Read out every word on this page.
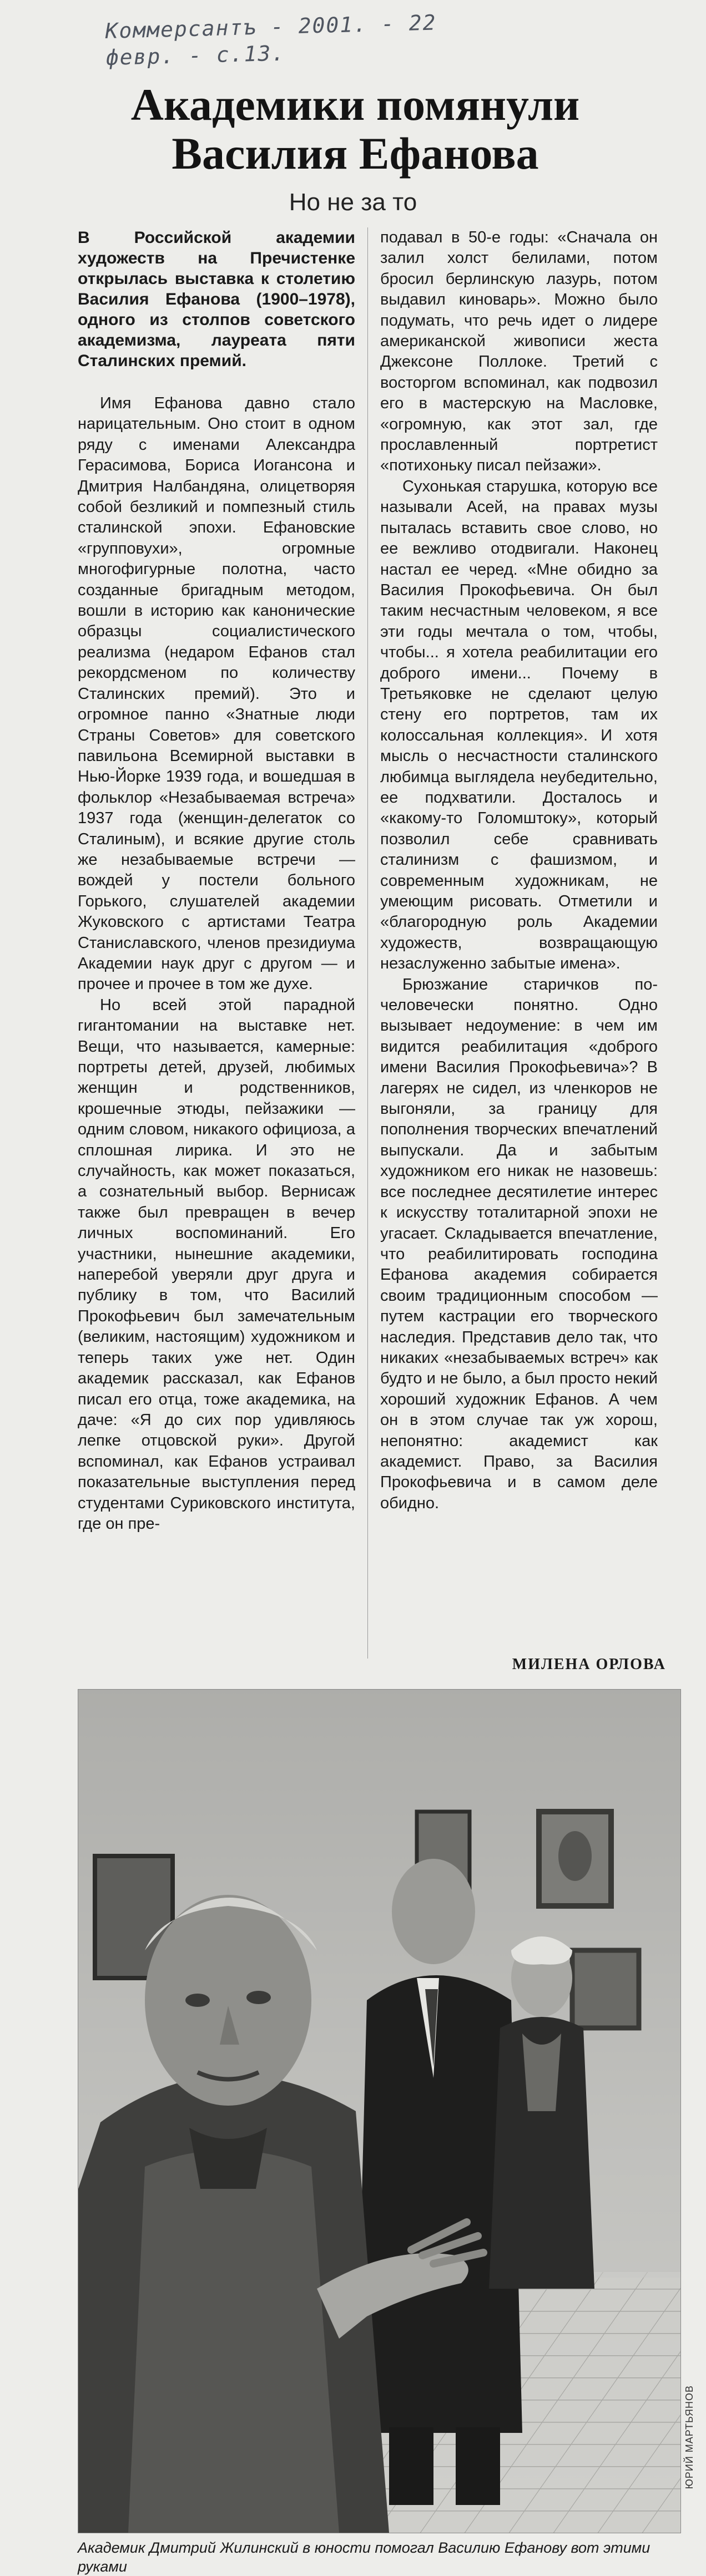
Коммерсантъ - 2001. - 22
февр. - с.13.
Академики помянули Василия Ефанова
Но не за то

В Российской академии художеств на Пречистенке открылась выставка к столетию Василия Ефанова (1900–1978), одного из столпов советского академизма, лауреата пяти Сталинских премий.

Имя Ефанова давно стало нарицательным. Оно стоит в одном ряду с именами Александра Герасимова, Бориса Иогансона и Дмитрия Налбандяна, олицетворяя собой безликий и помпезный стиль сталинской эпохи. Ефановские «групповухи», огромные многофигурные полотна, часто созданные бригадным методом, вошли в историю как канонические образцы социалистического реализма (недаром Ефанов стал рекордсменом по количеству Сталинских премий). Это и огромное панно «Знатные люди Страны Советов» для советского павильона Всемирной выставки в Нью-Йорке 1939 года, и вошедшая в фольклор «Незабываемая встреча» 1937 года (женщин-делегаток со Сталиным), и всякие другие столь же незабываемые встречи — вождей у постели больного Горького, слушателей академии Жуковского с артистами Театра Станиславского, членов президиума Академии наук друг с другом — и прочее и прочее в том же духе.

Но всей этой парадной гигантомании на выставке нет. Вещи, что называется, камерные: портреты детей, друзей, любимых женщин и родственников, крошечные этюды, пейзажики — одним словом, никакого официоза, а сплошная лирика. И это не случайность, как может показаться, а сознательный выбор. Вернисаж также был превращен в вечер личных воспоминаний. Его участники, нынешние академики, наперебой уверяли друг друга и публику в том, что Василий Прокофьевич был замечательным (великим, настоящим) художником и теперь таких уже нет. Один академик рассказал, как Ефанов писал его отца, тоже академика, на даче: «Я до сих пор удивляюсь лепке отцовской руки». Другой вспоминал, как Ефанов устраивал показательные выступления перед студентами Суриковского института, где он пре-

подавал в 50-е годы: «Сначала он залил холст белилами, потом бросил берлинскую лазурь, потом выдавил киноварь». Можно было подумать, что речь идет о лидере американской живописи жеста Джексоне Поллоке. Третий с восторгом вспоминал, как подвозил его в мастерскую на Масловке, «огромную, как этот зал, где прославленный портретист «потихоньку писал пейзажи».

Сухонькая старушка, которую все называли Асей, на правах музы пыталась вставить свое слово, но ее вежливо отодвигали. Наконец настал ее черед. «Мне обидно за Василия Прокофьевича. Он был таким несчастным человеком, я все эти годы мечтала о том, чтобы, чтобы... я хотела реабилитации его доброго имени... Почему в Третьяковке не сделают целую стену его портретов, там их колоссальная коллекция». И хотя мысль о несчастности сталинского любимца выглядела неубедительно, ее подхватили. Досталось и «какому-то Голомштоку», который позволил себе сравнивать сталинизм с фашизмом, и современным художникам, не умеющим рисовать. Отметили и «благородную роль Академии художеств, возвращающую незаслуженно забытые имена».

Брюзжание старичков по-человечески понятно. Одно вызывает недоумение: в чем им видится реабилитация «доброго имени Василия Прокофьевича»? В лагерях не сидел, из членкоров не выгоняли, за границу для пополнения творческих впечатлений выпускали. Да и забытым художником его никак не назовешь: все последнее десятилетие интерес к искусству тоталитарной эпохи не угасает. Складывается впечатление, что реабилитировать господина Ефанова академия собирается своим традиционным способом — путем кастрации его творческого наследия. Представив дело так, что никаких «незабываемых встреч» как будто и не было, а был просто некий хороший художник Ефанов. А чем он в этом случае так уж хорош, непонятно: академист как академист. Право, за Василия Прокофьевича и в самом деле обидно.

МИЛЕНА ОРЛОВА
ЮРИЙ МАРТЬЯНОВ
Академик Дмитрий Жилинский в юности помогал Василию Ефанову вот этими руками
